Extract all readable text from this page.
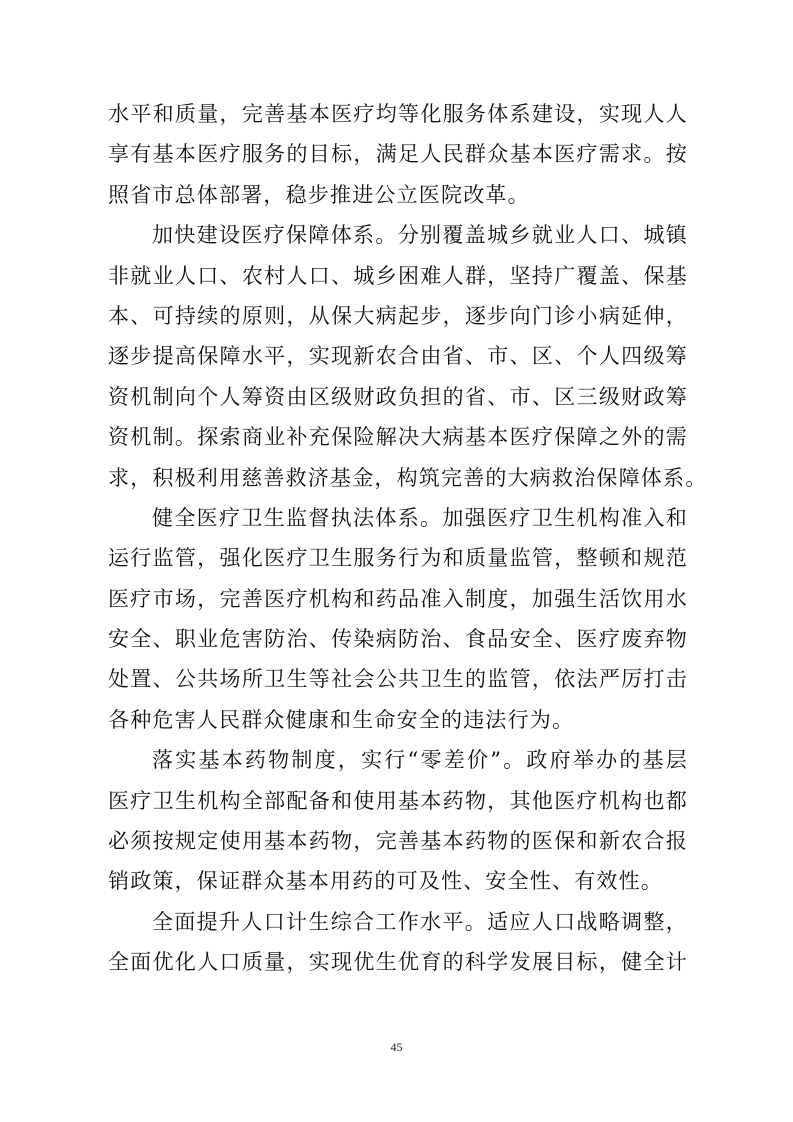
水平和质量，完善基本医疗均等化服务体系建设，实现人人
享有基本医疗服务的目标，满足人民群众基本医疗需求。按
照省市总体部署，稳步推进公立医院改革。
加快建设医疗保障体系。分别覆盖城乡就业人口、城镇
非就业人口、农村人口、城乡困难人群，坚持广覆盖、保基
本、可持续的原则，从保大病起步，逐步向门诊小病延伸，
逐步提高保障水平，实现新农合由省、市、区、个人四级筹
资机制向个人筹资由区级财政负担的省、市、区三级财政筹
资机制。探索商业补充保险解决大病基本医疗保障之外的需
求，积极利用慈善救济基金，构筑完善的大病救治保障体系。
健全医疗卫生监督执法体系。加强医疗卫生机构准入和
运行监管，强化医疗卫生服务行为和质量监管，整顿和规范
医疗市场，完善医疗机构和药品准入制度，加强生活饮用水
安全、职业危害防治、传染病防治、食品安全、医疗废弃物
处置、公共场所卫生等社会公共卫生的监管，依法严厉打击
各种危害人民群众健康和生命安全的违法行为。
落实基本药物制度，实行“零差价”。政府举办的基层
医疗卫生机构全部配备和使用基本药物，其他医疗机构也都
必须按规定使用基本药物，完善基本药物的医保和新农合报
销政策，保证群众基本用药的可及性、安全性、有效性。
全面提升人口计生综合工作水平。适应人口战略调整，
全面优化人口质量，实现优生优育的科学发展目标，健全计
45
